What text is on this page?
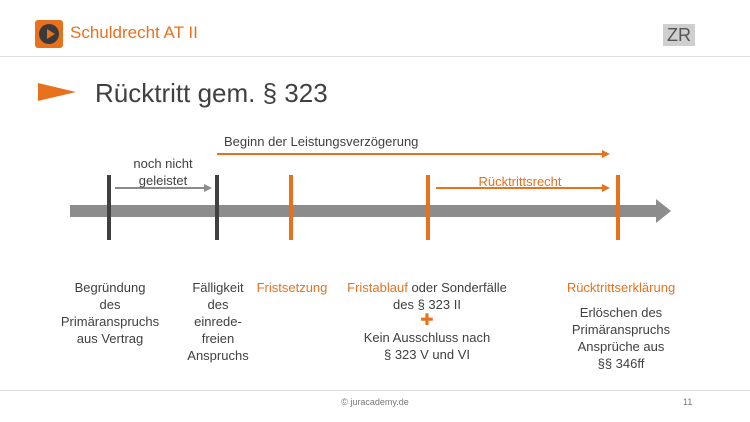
Schuldrecht AT II	ZR
Rücktritt gem. § 323
Beginn der Leistungsverzögerung
noch nicht
geleistet	Rücktrittsrecht
Begründung
des
Primäranspruchs
aus Vertrag
Fälligkeit
des
einrede-
freien
Anspruchs
Fristsetzung	Fristablauf oder Sonderfälle
des § 323 II
✚
Kein Ausschluss nach
§ 323 V und VI
Rücktrittserklärung
Erlöschen des
Primäranspruchs
Ansprüche aus
§§ 346ff
© juracademy.de	11
